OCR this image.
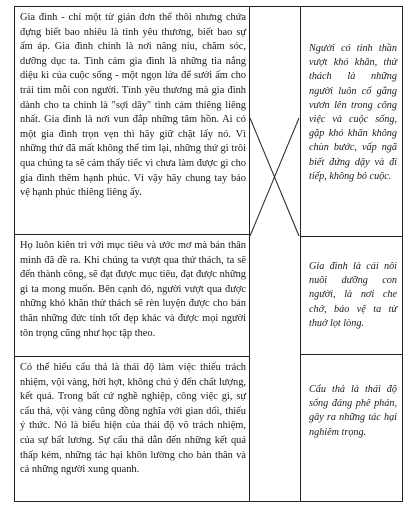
Gia đình - chỉ một từ giản đơn thế thôi nhưng chứa đựng biết bao nhiêu là tình yêu thương, biết bao sự ấm áp. Gia đình chính là nơi nâng niu, chăm sóc, dưỡng dục ta. Tình cảm gia đình là những tia nắng diệu kì của cuộc sống - một ngọn lửa để sưởi ấm cho trái tim mỗi con người. Tình yêu thương mà gia đình dành cho ta chính là "sợi dây" tình cảm thiêng liêng nhất. Gia đình là nơi vun đắp những tâm hồn. Ai có một gia đình trọn vẹn thì hãy giữ chặt lấy nó. Vì những thứ đã mất không thể tìm lại, những thứ gì trôi qua chúng ta sẽ cảm thấy tiếc vì chưa làm được gì cho gia đình thêm hạnh phúc. Vì vậy hãy chung tay bảo vệ hạnh phúc thiêng liêng ấy.

Họ luôn kiên trì với mục tiêu và ước mơ mà bản thân mình đã đề ra. Khi chúng ta vượt qua thử thách, ta sẽ đến thành công, sẽ đạt được mục tiêu, đạt được những gì ta mong muốn. Bên cạnh đó, người vượt qua được những khó khăn thử thách sẽ rèn luyện được cho bản thân những đức tính tốt đẹp khác và được mọi người tôn trọng cũng như học tập theo.

Có thể hiểu cẩu thả là thái độ làm việc thiếu trách nhiệm, vội vàng, hời hợt, không chú ý đến chất lượng, kết quả. Trong bất cứ nghề nghiệp, công việc gì, sự cẩu thả, vội vàng cũng đồng nghĩa với gian dối, thiếu ý thức. Nó là biểu hiện của thái độ vô trách nhiệm, của sự bất lương. Sự cẩu thả dẫn đến những kết quả thấp kém, những tác hại khôn lường cho bản thân và cả những người xung quanh.

Người có tinh thần vượt khó khăn, thử thách là những người luôn cố gắng vươn lên trong công việc và cuộc sống, gặp khó khăn không chùn bước, vấp ngã biết đứng dậy và đi tiếp, không bỏ cuộc.

Gia đình là cái nôi nuôi dưỡng con người, là nơi che chở, bảo vệ ta từ thuở lọt lòng.

Cẩu thả là thái độ sống đáng phê phán, gây ra những tác hại nghiêm trọng.
